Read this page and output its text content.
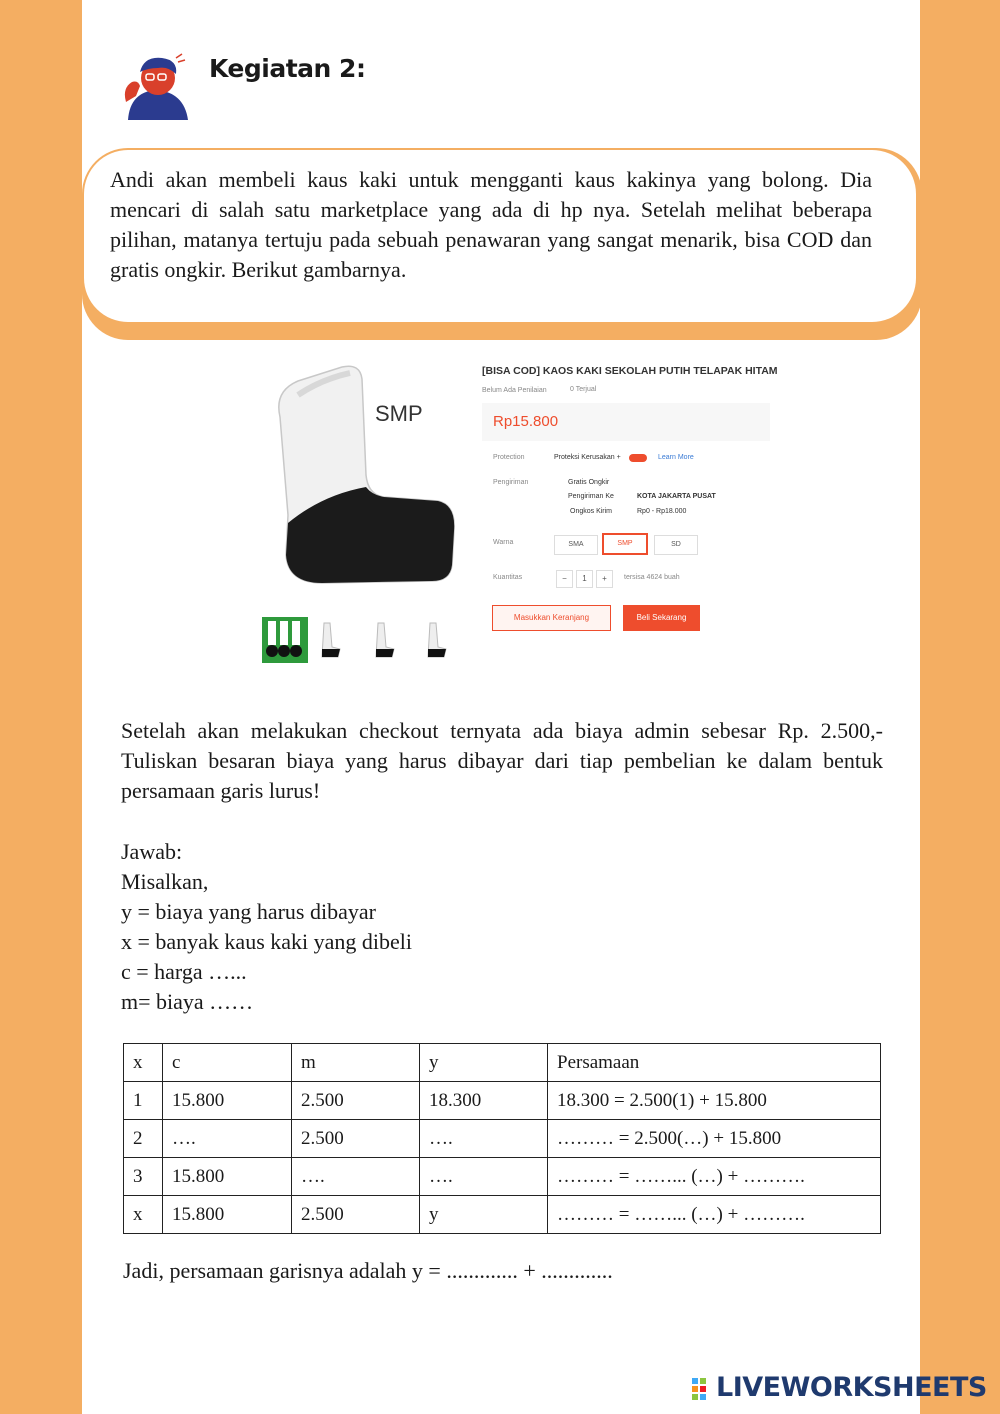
Kegiatan 2:
Andi akan membeli kaus kaki untuk mengganti kaus kakinya yang bolong. Dia mencari di salah satu marketplace yang ada di hp nya. Setelah melihat beberapa pilihan, matanya tertuju pada sebuah penawaran yang sangat menarik, bisa COD dan gratis ongkir. Berikut gambarnya.
SMP
[BISA COD] KAOS KAKI SEKOLAH PUTIH TELAPAK HITAM
Belum Ada Penilaian	0 Terjual
Rp15.800
Protection	Proteksi Kerusakan +	Learn More
Pengiriman	Gratis Ongkir
Pengiriman Ke	KOTA JAKARTA PUSAT
Ongkos Kirim	Rp0 - Rp18.000
Warna	SMA	SMP	SD
Kuantitas	−	1	+	tersisa 4624 buah
Masukkan Keranjang	Beli Sekarang
Setelah akan melakukan checkout ternyata ada biaya admin sebesar Rp. 2.500,- Tuliskan besaran biaya yang harus dibayar dari tiap pembelian ke dalam bentuk persamaan garis lurus!
Jawab:
Misalkan,
y = biaya yang harus dibayar
x = banyak kaus kaki yang dibeli
c = harga …...
m= biaya ……
x	c	m	y	Persamaan
1	15.800	2.500	18.300	18.300 = 2.500(1) + 15.800
2	….	2.500	….	……… = 2.500(…) + 15.800
3	15.800	….	….	……… = ……... (…) + ……….
x	15.800	2.500	y	……… = ……... (…) + ……….
Jadi, persamaan garisnya adalah y = ............. + .............
LIVEWORKSHEETS
